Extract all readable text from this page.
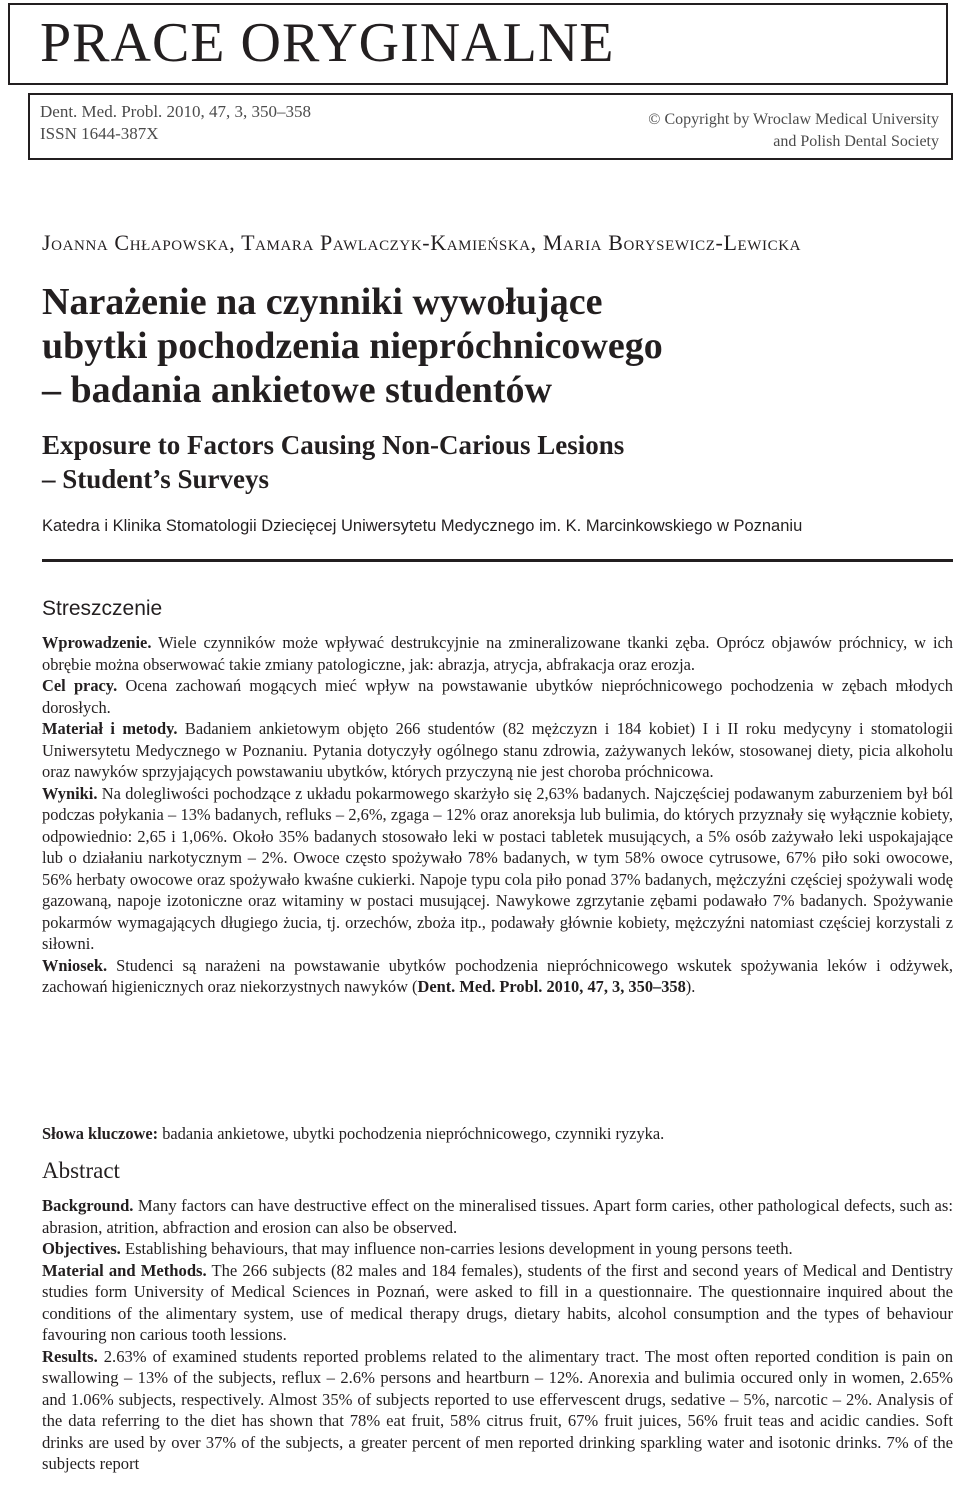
PRACE ORYGINALNE
Dent. Med. Probl. 2010, 47, 3, 350–358
ISSN 1644-387X
© Copyright by Wroclaw Medical University
and Polish Dental Society
Joanna Chłapowska, Tamara Pawlaczyk-Kamieńska, Maria Borysewicz-Lewicka
Narażenie na czynniki wywołujące
ubytki pochodzenia niepróchnicowego
– badania ankietowe studentów
Exposure to Factors Causing Non-Carious Lesions
– Student’s Surveys
Katedra i Klinika Stomatologii Dziecięcej Uniwersytetu Medycznego im. K. Marcinkowskiego w Poznaniu
Streszczenie

Wprowadzenie. Wiele czynników może wpływać destrukcyjnie na zmineralizowane tkanki zęba. Oprócz objawów próchnicy, w ich obrębie można obserwować takie zmiany patologiczne, jak: abrazja, atrycja, abfrakacja oraz erozja.

Cel pracy. Ocena zachowań mogących mieć wpływ na powstawanie ubytków niepróchnicowego pochodzenia w zębach młodych dorosłych.

Materiał i metody. Badaniem ankietowym objęto 266 studentów (82 mężczyzn i 184 kobiet) I i II roku medycyny i stomatologii Uniwersytetu Medycznego w Poznaniu. Pytania dotyczyły ogólnego stanu zdrowia, zażywanych leków, stosowanej diety, picia alkoholu oraz nawyków sprzyjających powstawaniu ubytków, których przyczyną nie jest choroba próchnicowa.

Wyniki. Na dolegliwości pochodzące z układu pokarmowego skarżyło się 2,63% badanych. Najczęściej podawanym zaburzeniem był ból podczas połykania – 13% badanych, refluks – 2,6%, zgaga – 12% oraz anoreksja lub bulimia, do których przyznały się wyłącznie kobiety, odpowiednio: 2,65 i 1,06%. Około 35% badanych stosowało leki w postaci tabletek musujących, a 5% osób zażywało leki uspokajające lub o działaniu narkotycznym – 2%. Owoce często spożywało 78% badanych, w tym 58% owoce cytrusowe, 67% piło soki owocowe, 56% herbaty owocowe oraz spożywało kwaśne cukierki. Napoje typu cola piło ponad 37% badanych, mężczyźni częściej spożywali wodę gazowaną, napoje izotoniczne oraz witaminy w postaci musującej. Nawykowe zgrzytanie zębami podawało 7% badanych. Spożywanie pokarmów wymagających długiego żucia, tj. orzechów, zboża itp., podawały głównie kobiety, mężczyźni natomiast częściej korzystali z siłowni.

Wniosek. Studenci są narażeni na powstawanie ubytków pochodzenia niepróchnicowego wskutek spożywania leków i odżywek, zachowań higienicznych oraz niekorzystnych nawyków (Dent. Med. Probl. 2010, 47, 3, 350–358).

Słowa kluczowe: badania ankietowe, ubytki pochodzenia niepróchnicowego, czynniki ryzyka.
Abstract

Background. Many factors can have destructive effect on the mineralised tissues. Apart form caries, other pathological defects, such as: abrasion, atrition, abfraction and erosion can also be observed.

Objectives. Establishing behaviours, that may influence non-carries lesions development in young persons teeth.

Material and Methods. The 266 subjects (82 males and 184 females), students of the first and second years of Medical and Dentistry studies form University of Medical Sciences in Poznań, were asked to fill in a questionnaire. The questionnaire inquired about the conditions of the alimentary system, use of medical therapy drugs, dietary habits, alcohol consumption and the types of behaviour favouring non carious tooth lessions.

Results. 2.63% of examined students reported problems related to the alimentary tract. The most often reported condition is pain on swallowing – 13% of the subjects, reflux – 2.6% persons and heartburn – 12%. Anorexia and bulimia occured only in women, 2.65% and 1.06% subjects, respectively. Almost 35% of subjects reported to use effervescent drugs, sedative – 5%, narcotic – 2%. Analysis of the data referring to the diet has shown that 78% eat fruit, 58% citrus fruit, 67% fruit juices, 56% fruit teas and acidic candies. Soft drinks are used by over 37% of the subjects, a greater percent of men reported drinking sparkling water and isotonic drinks. 7% of the subjects report
